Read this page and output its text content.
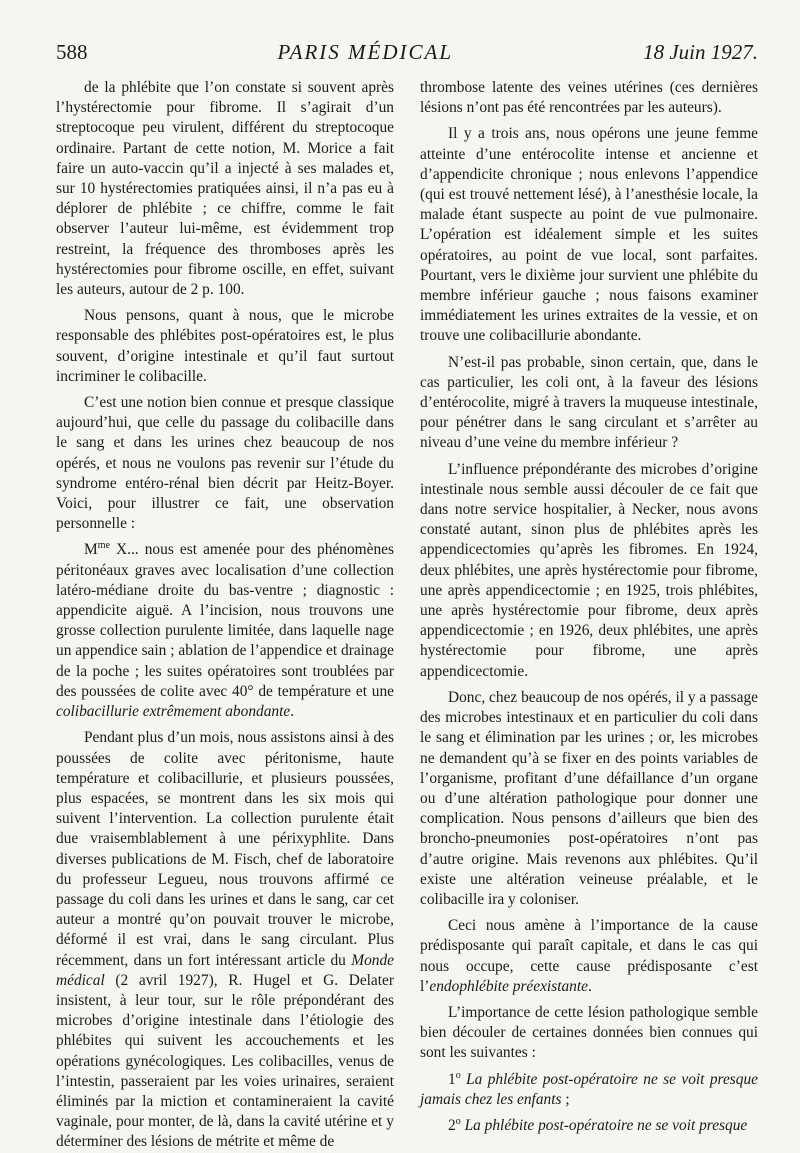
588	PARIS MÉDICAL	18 Juin 1927.

de la phlébite que l’on constate si souvent après l’hystérectomie pour fibrome. Il s’agirait d’un streptocoque peu virulent, différent du streptocoque ordinaire. Partant de cette notion, M. Morice a fait faire un auto-vaccin qu’il a injecté à ses malades et, sur 10 hystérectomies pratiquées ainsi, il n’a pas eu à déplorer de phlébite ; ce chiffre, comme le fait observer l’auteur lui-même, est évidemment trop restreint, la fréquence des thromboses après les hystérectomies pour fibrome oscille, en effet, suivant les auteurs, autour de 2 p. 100.

Nous pensons, quant à nous, que le microbe responsable des phlébites post-opératoires est, le plus souvent, d’origine intestinale et qu’il faut surtout incriminer le colibacille.

C’est une notion bien connue et presque classique aujourd’hui, que celle du passage du colibacille dans le sang et dans les urines chez beaucoup de nos opérés, et nous ne voulons pas revenir sur l’étude du syndrome entéro-rénal bien décrit par Heitz-Boyer. Voici, pour illustrer ce fait, une observation personnelle :

$M^{me}$ X... nous est amenée pour des phénomènes péritonéaux graves avec localisation d’une collection latéro-médiane droite du bas-ventre ; diagnostic : appendicite aiguë. A l’incision, nous trouvons une grosse collection purulente limitée, dans laquelle nage un appendice sain ; ablation de l’appendice et drainage de la poche ; les suites opératoires sont troublées par des poussées de colite avec 40° de température et une colibacillurie extrêmement abondante.

Pendant plus d’un mois, nous assistons ainsi à des poussées de colite avec péritonisme, haute température et colibacillurie, et plusieurs poussées, plus espacées, se montrent dans les six mois qui suivent l’intervention. La collection purulente était due vraisemblablement à une périxyphlite. Dans diverses publications de M. Fisch, chef de laboratoire du professeur Legueu, nous trouvons affirmé ce passage du coli dans les urines et dans le sang, car cet auteur a montré qu’on pouvait trouver le microbe, déformé il est vrai, dans le sang circulant. Plus récemment, dans un fort intéressant article du Monde médical (2 avril 1927), R. Hugel et G. Delater insistent, à leur tour, sur le rôle prépondérant des microbes d’origine intestinale dans l’étiologie des phlébites qui suivent les accouchements et les opérations gynécologiques. Les colibacilles, venus de l’intestin, passeraient par les voies urinaires, seraient éliminés par la miction et contamineraient la cavité vaginale, pour monter, de là, dans la cavité utérine et y déterminer des lésions de métrite et même de

thrombose latente des veines utérines (ces dernières lésions n’ont pas été rencontrées par les auteurs).

Il y a trois ans, nous opérons une jeune femme atteinte d’une entérocolite intense et ancienne et d’appendicite chronique ; nous enlevons l’appendice (qui est trouvé nettement lésé), à l’anesthésie locale, la malade étant suspecte au point de vue pulmonaire. L’opération est idéalement simple et les suites opératoires, au point de vue local, sont parfaites. Pourtant, vers le dixième jour survient une phlébite du membre inférieur gauche ; nous faisons examiner immédiatement les urines extraites de la vessie, et on trouve une colibacillurie abondante.

N’est-il pas probable, sinon certain, que, dans le cas particulier, les coli ont, à la faveur des lésions d’entérocolite, migré à travers la muqueuse intestinale, pour pénétrer dans le sang circulant et s’arrêter au niveau d’une veine du membre inférieur ?

L’influence prépondérante des microbes d’origine intestinale nous semble aussi découler de ce fait que dans notre service hospitalier, à Necker, nous avons constaté autant, sinon plus de phlébites après les appendicectomies qu’après les fibromes. En 1924, deux phlébites, une après hystérectomie pour fibrome, une après appendicectomie ; en 1925, trois phlébites, une après hystérectomie pour fibrome, deux après appendicectomie ; en 1926, deux phlébites, une après hystérectomie pour fibrome, une après appendicectomie.

Donc, chez beaucoup de nos opérés, il y a passage des microbes intestinaux et en particulier du coli dans le sang et élimination par les urines ; or, les microbes ne demandent qu’à se fixer en des points variables de l’organisme, profitant d’une défaillance d’un organe ou d’une altération pathologique pour donner une complication. Nous pensons d’ailleurs que bien des broncho-pneumonies post-opératoires n’ont pas d’autre origine. Mais revenons aux phlébites. Qu’il existe une altération veineuse préalable, et le colibacille ira y coloniser.

Ceci nous amène à l’importance de la cause prédisposante qui paraît capitale, et dans le cas qui nous occupe, cette cause prédisposante c’est l’endophlébite préexistante.

L’importance de cette lésion pathologique semble bien découler de certaines données bien connues qui sont les suivantes :

1$^o$ La phlébite post-opératoire ne se voit presque jamais chez les enfants ;

2$^o$ La phlébite post-opératoire ne se voit presque
